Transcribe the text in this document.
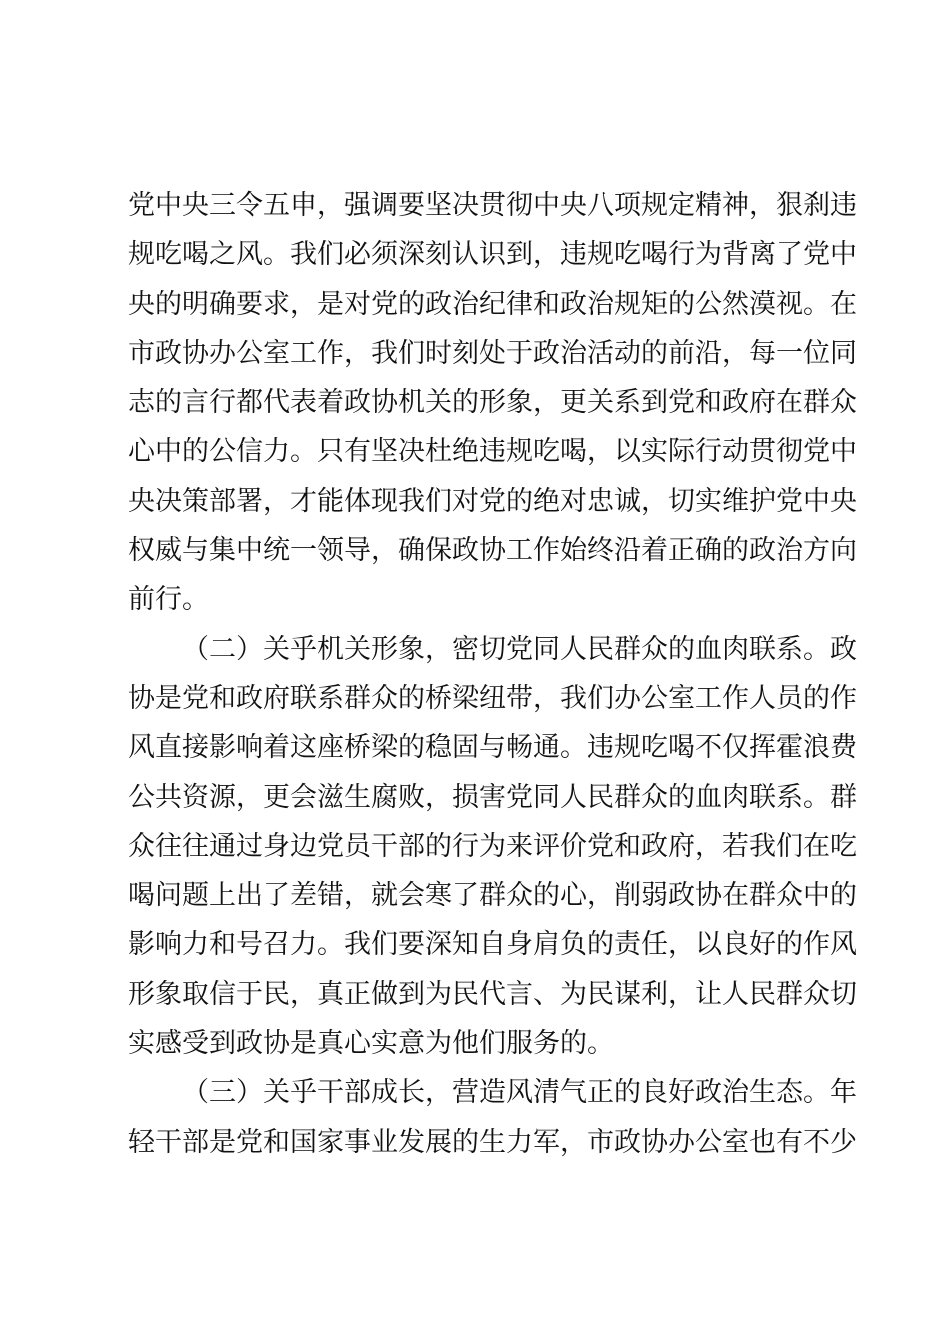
党中央三令五申，强调要坚决贯彻中央八项规定精神，狠刹违
规吃喝之风。我们必须深刻认识到，违规吃喝行为背离了党中
央的明确要求，是对党的政治纪律和政治规矩的公然漠视。在
市政协办公室工作，我们时刻处于政治活动的前沿，每一位同
志的言行都代表着政协机关的形象，更关系到党和政府在群众
心中的公信力。只有坚决杜绝违规吃喝，以实际行动贯彻党中
央决策部署，才能体现我们对党的绝对忠诚，切实维护党中央
权威与集中统一领导，确保政协工作始终沿着正确的政治方向
前行。
（二）关乎机关形象，密切党同人民群众的血肉联系。政
协是党和政府联系群众的桥梁纽带，我们办公室工作人员的作
风直接影响着这座桥梁的稳固与畅通。违规吃喝不仅挥霍浪费
公共资源，更会滋生腐败，损害党同人民群众的血肉联系。群
众往往通过身边党员干部的行为来评价党和政府，若我们在吃
喝问题上出了差错，就会寒了群众的心，削弱政协在群众中的
影响力和号召力。我们要深知自身肩负的责任，以良好的作风
形象取信于民，真正做到为民代言、为民谋利，让人民群众切
实感受到政协是真心实意为他们服务的。
（三）关乎干部成长，营造风清气正的良好政治生态。年
轻干部是党和国家事业发展的生力军，市政协办公室也有不少
